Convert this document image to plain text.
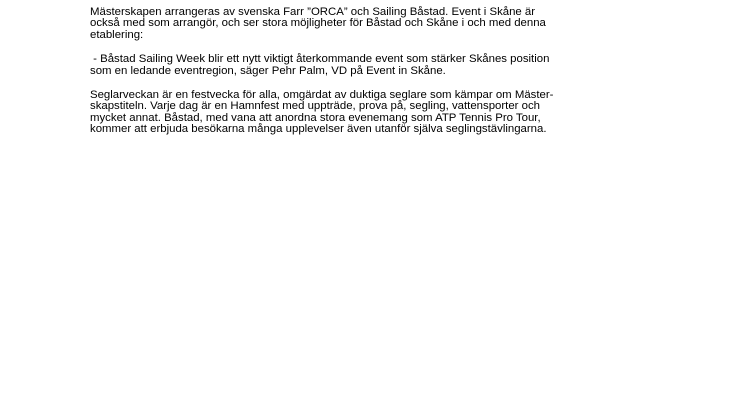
Mästerskapen arrangeras av svenska Farr ”ORCA” och Sailing Båstad. Event i Skåne är
också med som arrangör, och ser stora möjligheter för Båstad och Skåne i och med denna
etablering:

- Båstad Sailing Week blir ett nytt viktigt återkommande event som stärker Skånes position
som en ledande eventregion, säger Pehr Palm, VD på Event in Skåne.

Seglarveckan är en festvecka för alla, omgärdat av duktiga seglare som kämpar om Mäster-
skapstiteln. Varje dag är en Hamnfest med uppträde, prova på, segling, vattensporter och
mycket annat. Båstad, med vana att anordna stora evenemang som ATP Tennis Pro Tour,
kommer att erbjuda besökarna många upplevelser även utanför själva seglingstävlingarna.
